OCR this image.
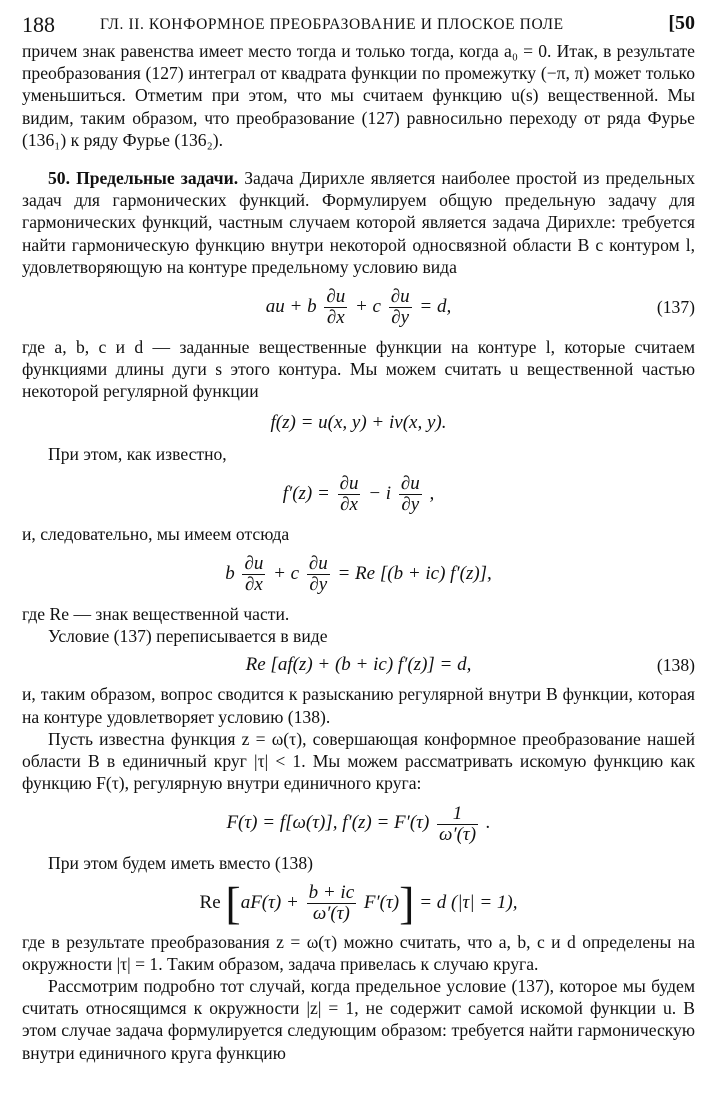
188	ГЛ. II. КОНФОРМНОЕ ПРЕОБРАЗОВАНИЕ И ПЛОСКОЕ ПОЛЕ	[50

причем знак равенства имеет место тогда и только тогда, когда a₀ = 0. Итак, в результате преобразования (127) интеграл от квадрата функции по промежутку (−π, π) может только уменьшиться. Отметим при этом, что мы считаем функцию u(s) вещественной. Мы видим, таким образом, что преобразование (127) равносильно переходу от ряда Фурье (136₁) к ряду Фурье (136₂).

50. Предельные задачи. Задача Дирихле является наиболее простой из предельных задач для гармонических функций. Формулируем общую предельную задачу для гармонических функций, частным случаем которой является задача Дирихле: требуется найти гармоническую функцию внутри некоторой односвязной области B с контуром l, удовлетворяющую на контуре предельному условию вида

au + b $\frac{\partial u}{\partial x} + c \frac{\partial u}{\partial y} = d$,	(137)

где a, b, c и d — заданные вещественные функции на контуре l, которые считаем функциями длины дуги s этого контура. Мы можем считать u вещественной частью некоторой регулярной функции

f(z) = u(x, y) + iv(x, y).

При этом, как известно,

$f'(z) = \frac{\partial u}{\partial x} - i \frac{\partial u}{\partial y}$ ,

и, следовательно, мы имеем отсюда

b $\frac{\partial u}{\partial x} + c \frac{\partial u}{\partial y} = Re$ [(b + ic) f′(z)],

где Re — знак вещественной части.

Условие (137) переписывается в виде

Re [af(z) + (b + ic) f′(z)] = d,	(138)

и, таким образом, вопрос сводится к разысканию регулярной внутри B функции, которая на контуре удовлетворяет условию (138).

Пусть известна функция z = ω(τ), совершающая конформное преобразование нашей области B в единичный круг |τ| < 1. Мы можем рассматривать искомую функцию как функцию F(τ), регулярную внутри единичного круга:

F(τ) = f[ω(τ)], $f'(z) = F'(\tau) \frac{1}{\omega'(\tau)}$ .

При этом будем иметь вместо (138)

Re $[aF(\tau) + \frac{b + ic}{\omega'(\tau)} F'(\tau)] = d$ (|τ| = 1),

где в результате преобразования z = ω(τ) можно считать, что a, b, c и d определены на окружности |τ| = 1. Таким образом, задача привелась к случаю круга.

Рассмотрим подробно тот случай, когда предельное условие (137), которое мы будем считать относящимся к окружности |z| = 1, не содержит самой искомой функции u. В этом случае задача формулируется следующим образом: требуется найти гармоническую внутри единичного круга функцию
